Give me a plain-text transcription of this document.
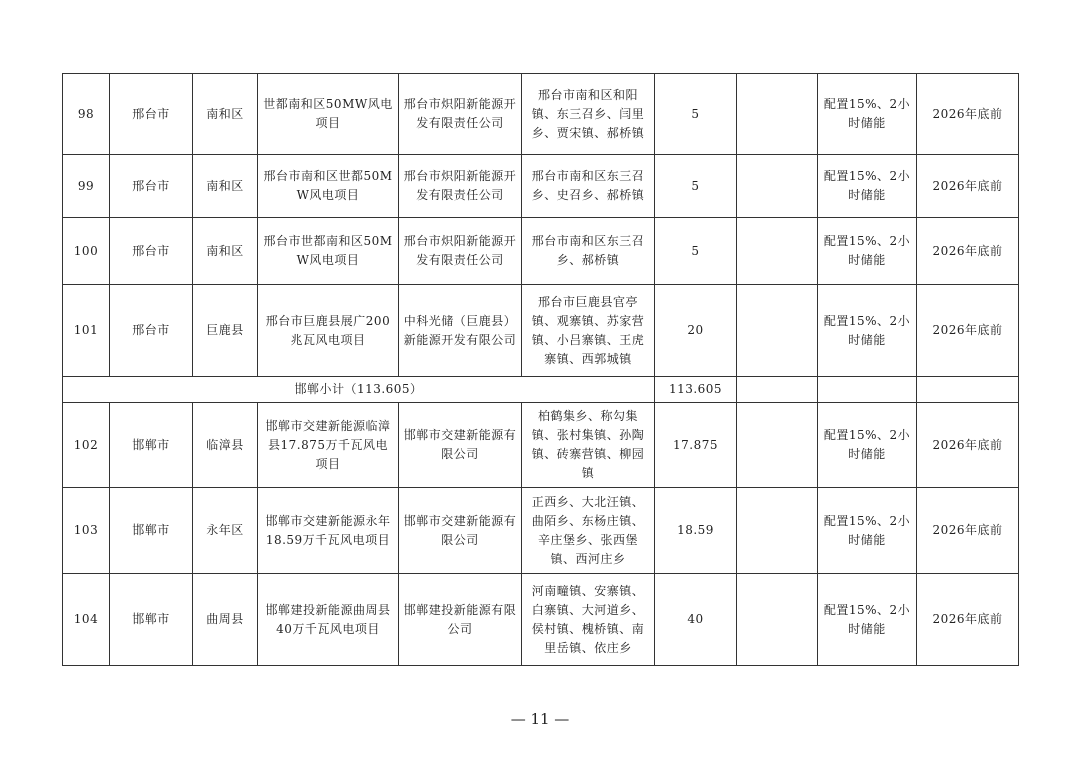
98	邢台市	南和区	世都南和区50MW风电项目	邢台市炽阳新能源开发有限责任公司	邢台市南和区和阳镇、东三召乡、闫里乡、贾宋镇、郝桥镇	5		配置15%、2小时储能	2026年底前
99	邢台市	南和区	邢台市南和区世都50MW风电项目	邢台市炽阳新能源开发有限责任公司	邢台市南和区东三召乡、史召乡、郝桥镇	5		配置15%、2小时储能	2026年底前
100	邢台市	南和区	邢台市世都南和区50MW风电项目	邢台市炽阳新能源开发有限责任公司	邢台市南和区东三召乡、郝桥镇	5		配置15%、2小时储能	2026年底前
101	邢台市	巨鹿县	邢台市巨鹿县展广200兆瓦风电项目	中科光储（巨鹿县）新能源开发有限公司	邢台市巨鹿县官亭镇、观寨镇、苏家营镇、小吕寨镇、王虎寨镇、西郭城镇	20		配置15%、2小时储能	2026年底前
邯郸小计（113.605）						113.605			
102	邯郸市	临漳县	邯郸市交建新能源临漳县17.875万千瓦风电项目	邯郸市交建新能源有限公司	柏鹤集乡、称勾集镇、张村集镇、孙陶镇、砖寨营镇、柳园镇	17.875		配置15%、2小时储能	2026年底前
103	邯郸市	永年区	邯郸市交建新能源永年18.59万千瓦风电项目	邯郸市交建新能源有限公司	正西乡、大北汪镇、曲陌乡、东杨庄镇、辛庄堡乡、张西堡镇、西河庄乡	18.59		配置15%、2小时储能	2026年底前
104	邯郸市	曲周县	邯郸建投新能源曲周县40万千瓦风电项目	邯郸建投新能源有限公司	河南疃镇、安寨镇、白寨镇、大河道乡、侯村镇、槐桥镇、南里岳镇、依庄乡	40		配置15%、2小时储能	2026年底前
— 11 —
